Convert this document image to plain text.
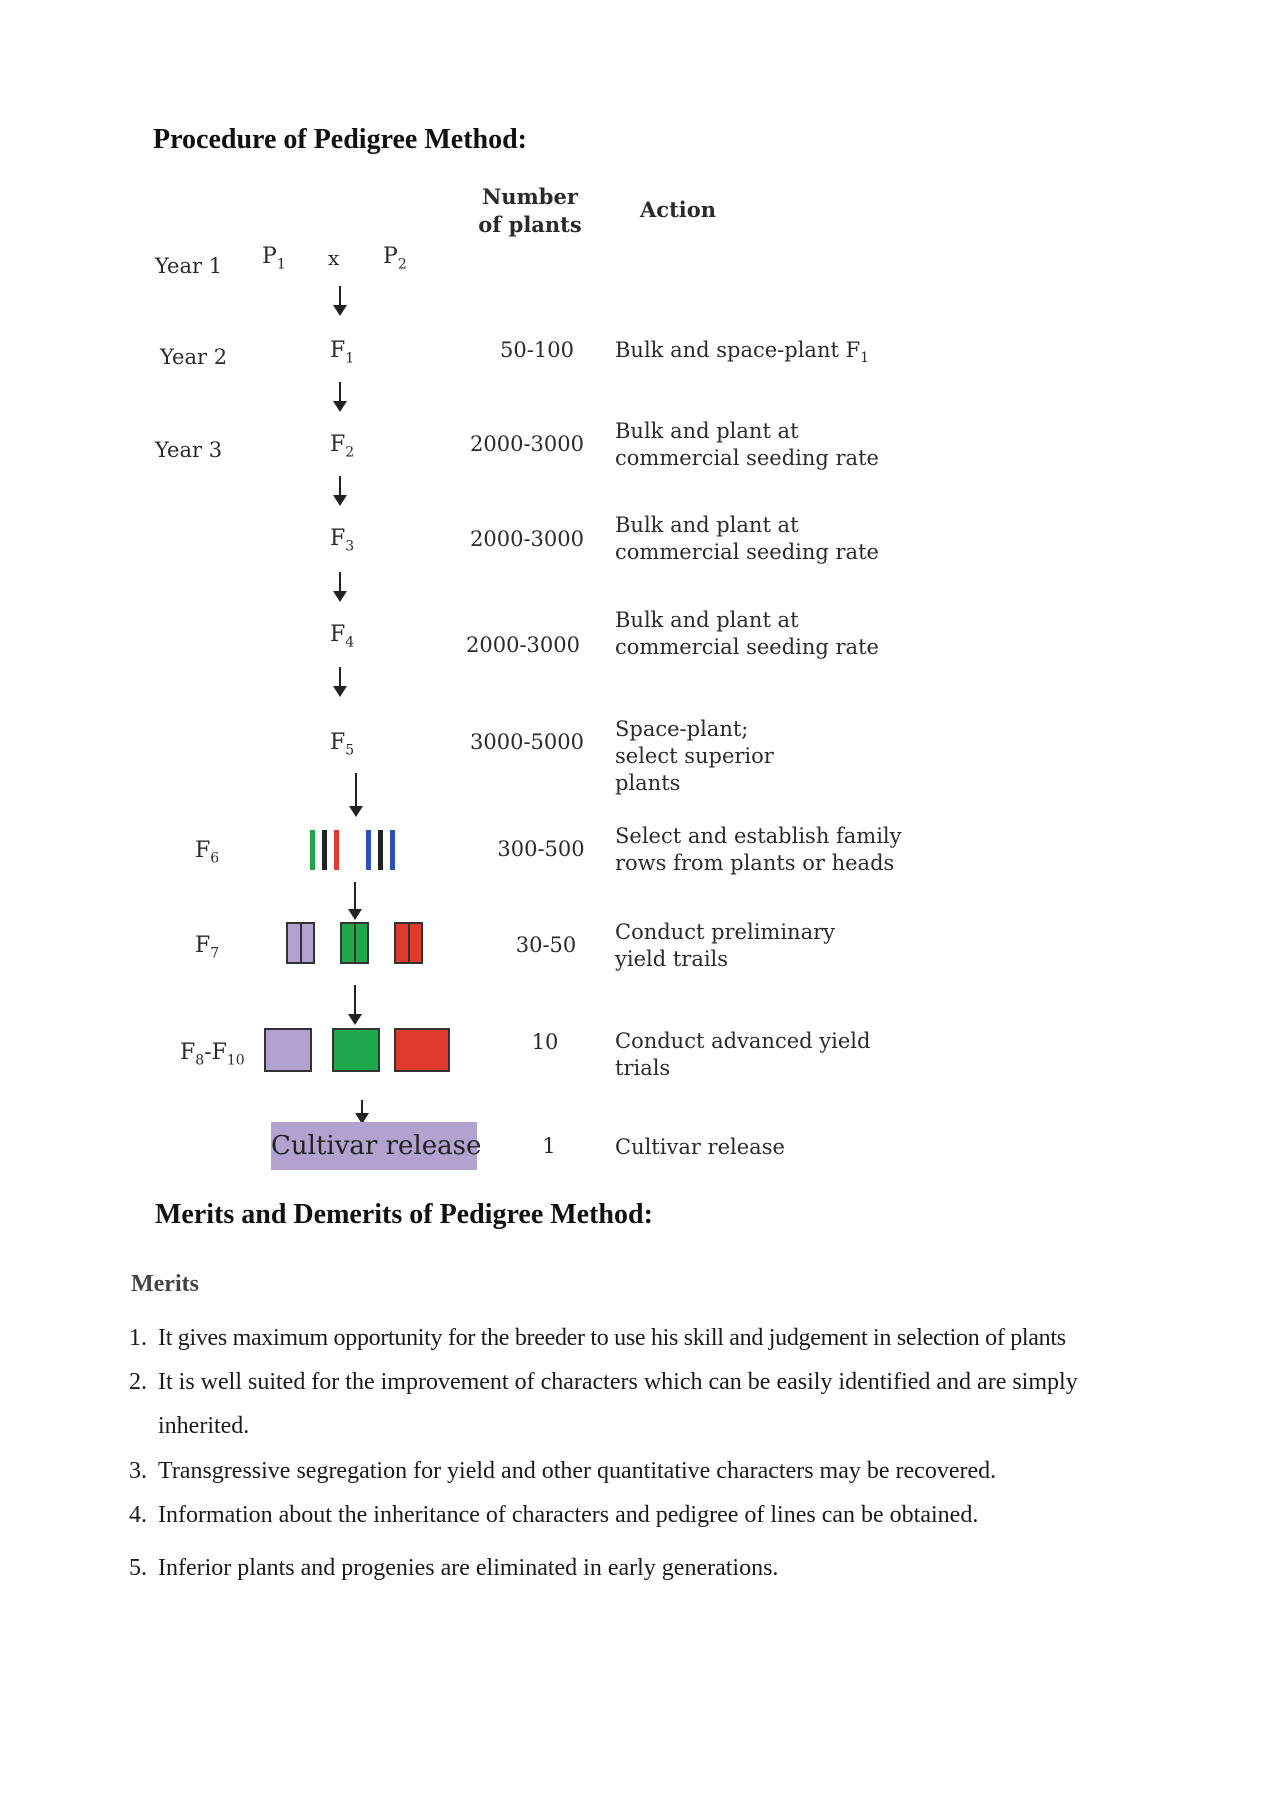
Procedure of Pedigree Method:
Number of plants
Action
Year 1
Year 2
Year 3
$P_1$ x $P_2$
$F_1$
$F_2$
$F_3$
$F_4$
$F_5$
$F_6$
$F_7$
$F_8-F_{10}$
Cultivar release
50-100
2000-3000
2000-3000
2000-3000
3000-5000
300-500
30-50
10
1
Bulk and space-plant $F_1$
Bulk and plant at commercial seeding rate
Bulk and plant at commercial seeding rate
Bulk and plant at commercial seeding rate
Space-plant; select superior plants
Select and establish family rows from plants or heads
Conduct preliminary yield trails
Conduct advanced yield trials
Cultivar release
Merits and Demerits of Pedigree Method:
Merits
1. It gives maximum opportunity for the breeder to use his skill and judgement in selection of plants
2. It is well suited for the improvement of characters which can be easily identified and are simply
inherited.
3. Transgressive segregation for yield and other quantitative characters may be recovered.
4. Information about the inheritance of characters and pedigree of lines can be obtained.
5. Inferior plants and progenies are eliminated in early generations.
